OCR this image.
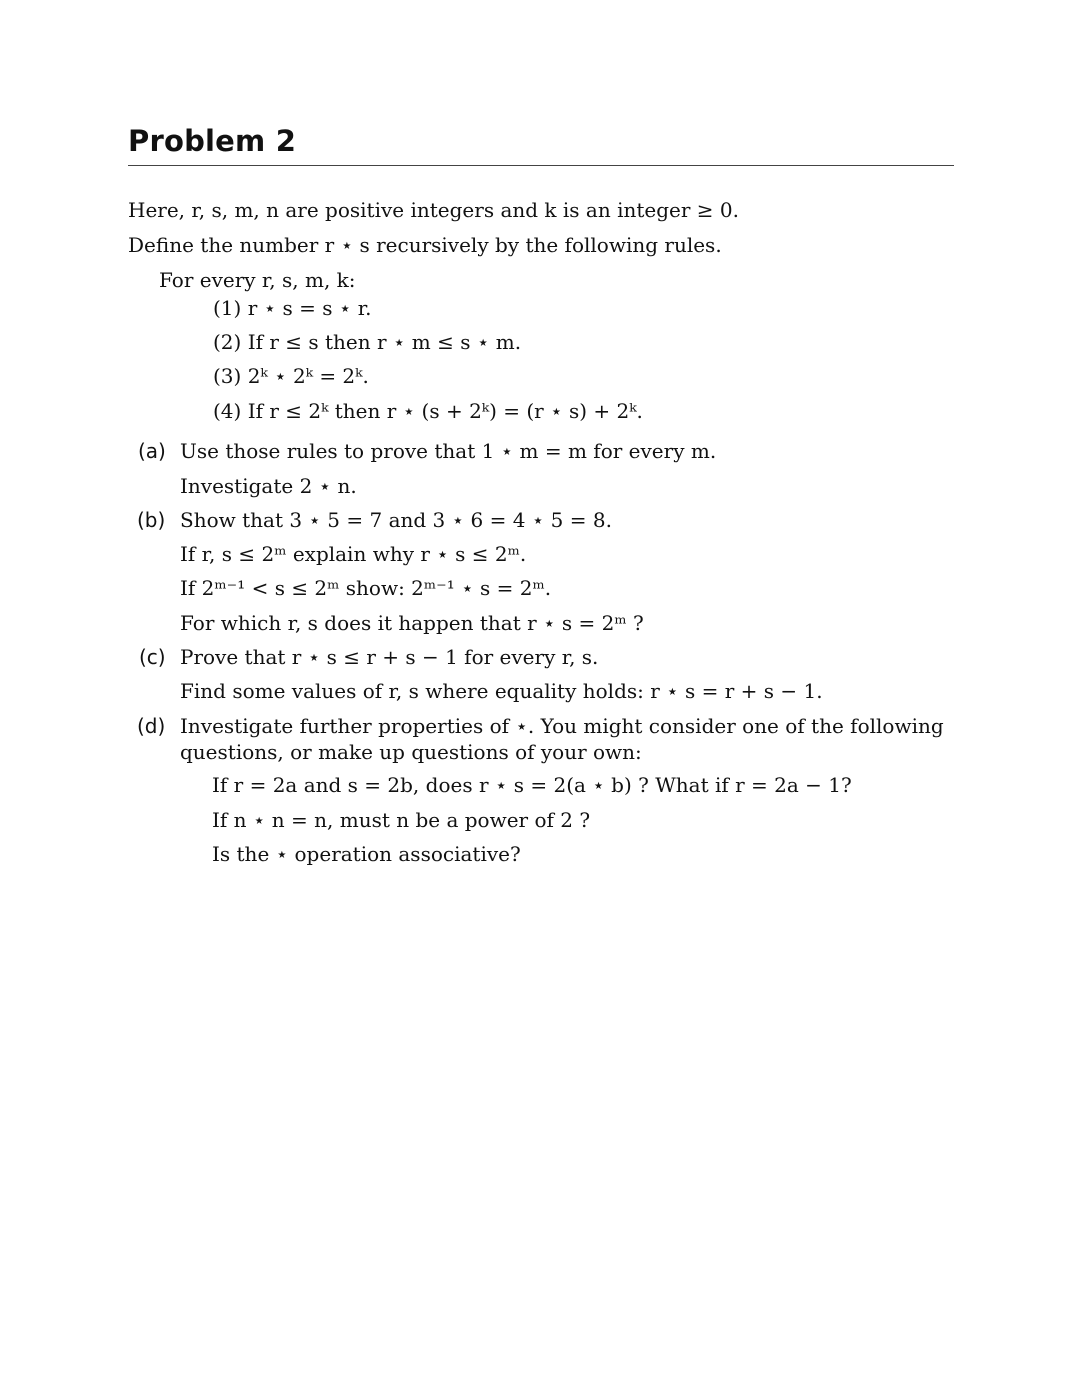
Problem 2
Here, r, s, m, n are positive integers and k is an integer ≥ 0.
Define the number r ⋆ s recursively by the following rules.
For every r, s, m, k:
(1) r ⋆ s = s ⋆ r.
(2) If r ≤ s then r ⋆ m ≤ s ⋆ m.
(3) 2ᵏ ⋆ 2ᵏ = 2ᵏ.
(4) If r ≤ 2ᵏ then r ⋆ (s + 2ᵏ) = (r ⋆ s) + 2ᵏ.
(a) Use those rules to prove that 1 ⋆ m = m for every m.
Investigate 2 ⋆ n.
(b) Show that 3 ⋆ 5 = 7 and 3 ⋆ 6 = 4 ⋆ 5 = 8.
If r, s ≤ 2ᵐ explain why r ⋆ s ≤ 2ᵐ.
If 2ᵐ⁻¹ < s ≤ 2ᵐ show: 2ᵐ⁻¹ ⋆ s = 2ᵐ.
For which r, s does it happen that r ⋆ s = 2ᵐ ?
(c) Prove that r ⋆ s ≤ r + s − 1 for every r, s.
Find some values of r, s where equality holds: r ⋆ s = r + s − 1.
(d) Investigate further properties of ⋆. You might consider one of the following questions, or make up questions of your own:
If r = 2a and s = 2b, does r ⋆ s = 2(a ⋆ b) ? What if r = 2a − 1?
If n ⋆ n = n, must n be a power of 2 ?
Is the ⋆ operation associative?
